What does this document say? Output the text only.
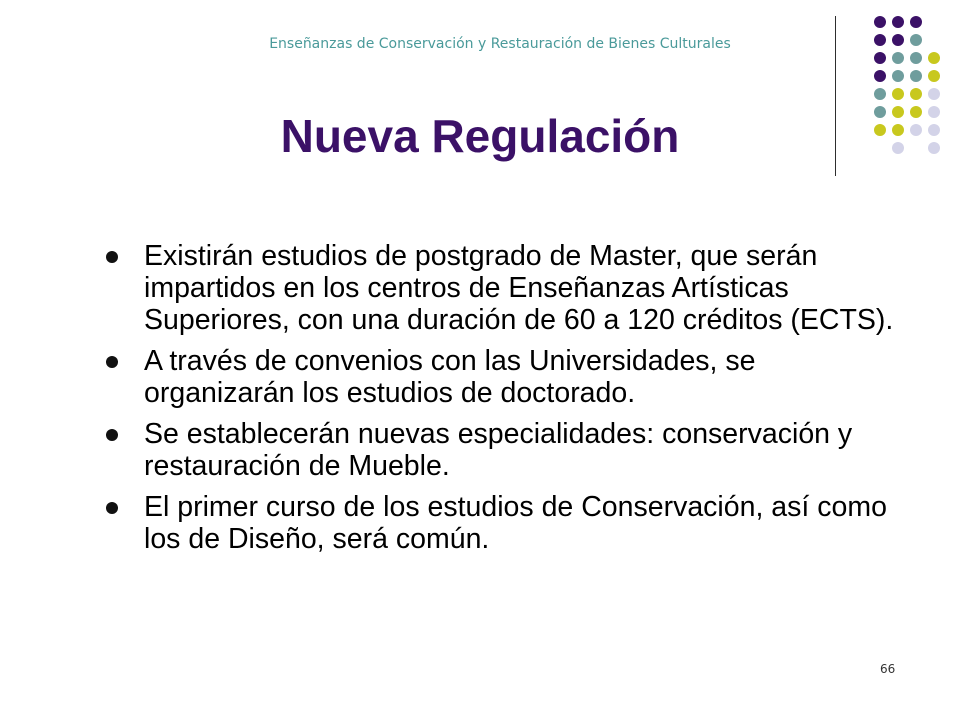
Enseñanzas de Conservación y Restauración de Bienes Culturales
Nueva Regulación
Existirán estudios de postgrado de Master, que serán impartidos en los centros de Enseñanzas Artísticas Superiores, con una duración de 60 a 120 créditos (ECTS).
A través de convenios con las Universidades, se organizarán los estudios de doctorado.
Se establecerán nuevas especialidades: conservación y restauración de Mueble.
El primer curso de los estudios de Conservación, así como los de Diseño, será común.
66
